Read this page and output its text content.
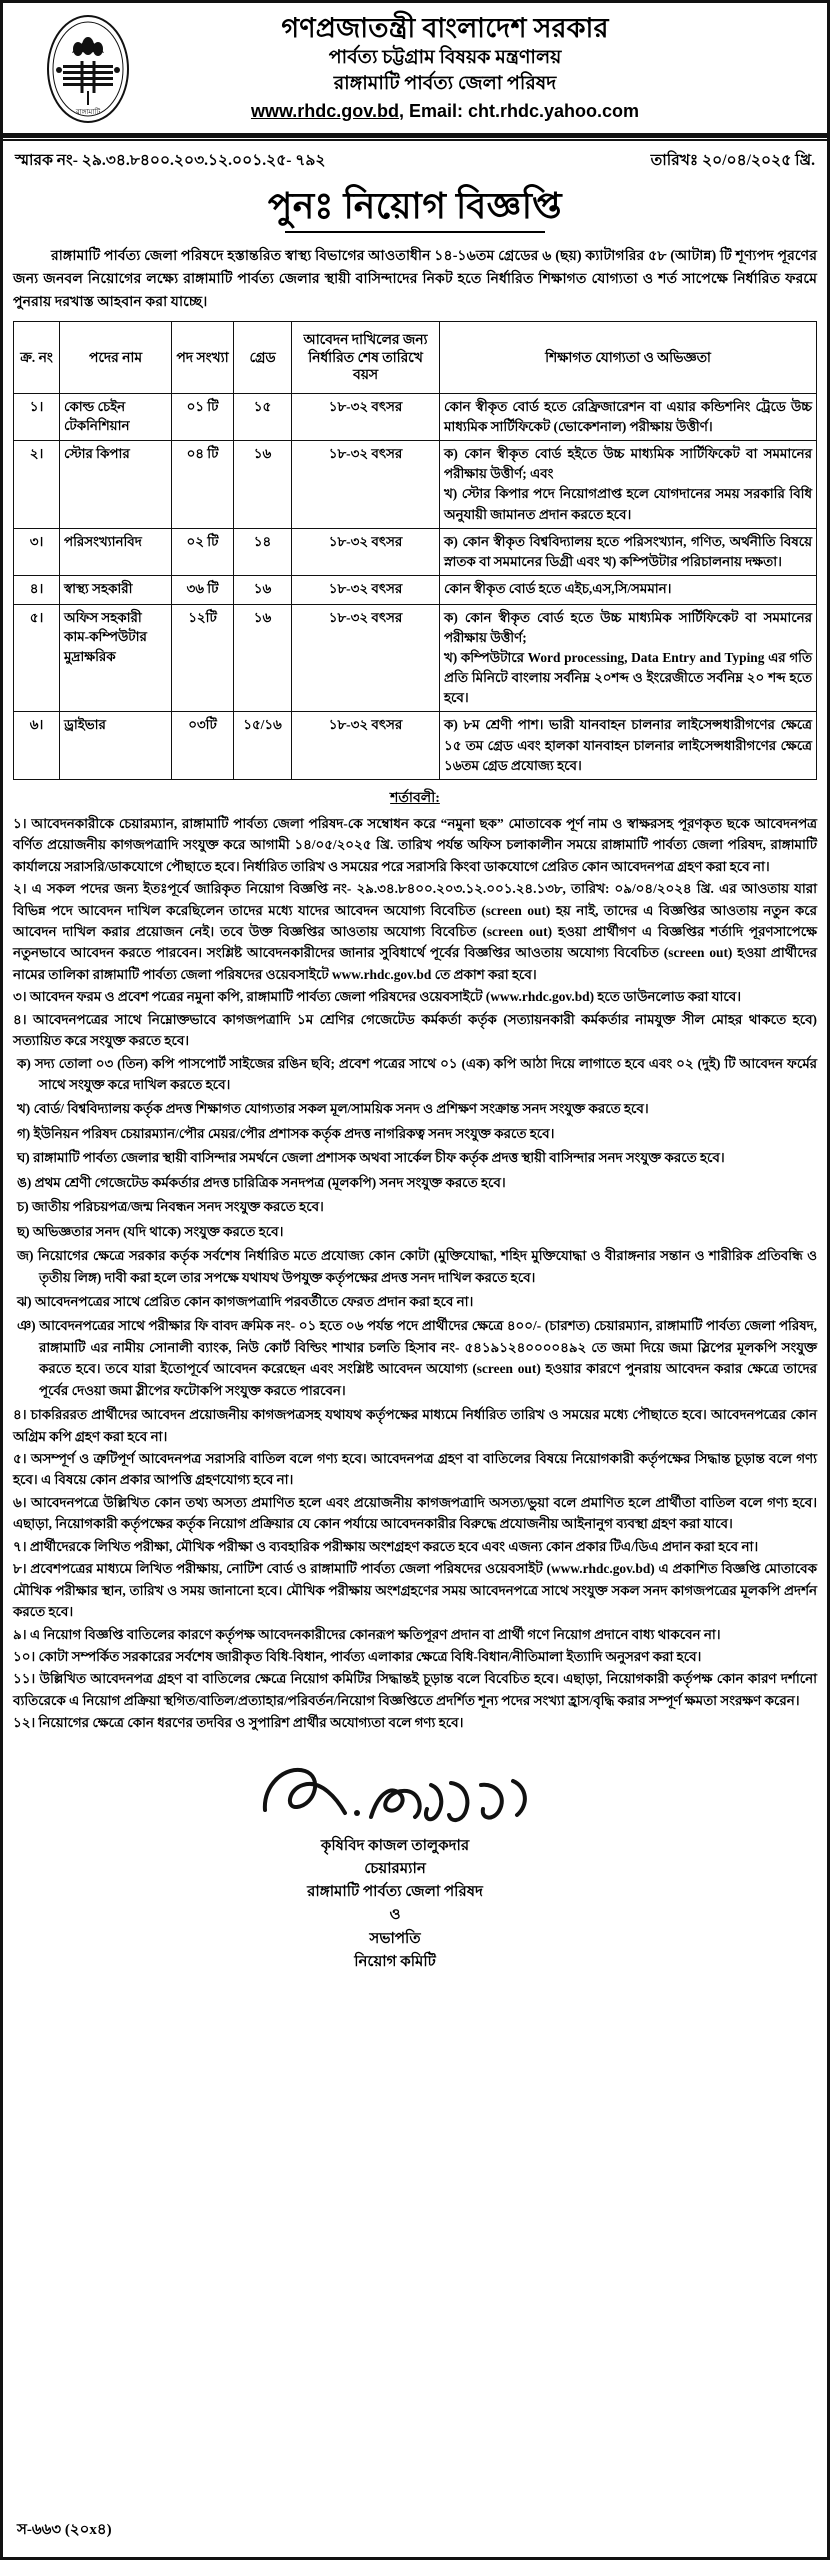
রাঙ্গামাটি
গণপ্রজাতন্ত্রী বাংলাদেশ সরকার
পার্বত্য চট্টগ্রাম বিষয়ক মন্ত্রণালয়
রাঙ্গামাটি পার্বত্য জেলা পরিষদ
www.rhdc.gov.bd, Email: cht.rhdc.yahoo.com
স্মারক নং- ২৯.৩৪.৮৪০০.২০৩.১২.০০১.২৫- ৭৯২	তারিখঃ ২০/০৪/২০২৫ খ্রি.
পুনঃ নিয়োগ বিজ্ঞপ্তি
রাঙ্গামাটি পার্বত্য জেলা পরিষদে হস্তান্তরিত স্বাস্থ্য বিভাগের আওতাধীন ১৪-১৬তম গ্রেডের ৬ (ছয়) ক্যাটাগরির ৫৮ (আটান্ন) টি শূণ্যপদ পূরণের জন্য জনবল নিয়োগের লক্ষ্যে রাঙ্গামাটি পার্বত্য জেলার স্থায়ী বাসিন্দাদের নিকট হতে নির্ধারিত শিক্ষাগত যোগ্যতা ও শর্ত সাপেক্ষে নির্ধারিত ফরমে পুনরায় দরখাস্ত আহবান করা যাচ্ছে।
ক্র. নং	পদের নাম	পদ সংখ্যা	গ্রেড	আবেদন দাখিলের জন্য নির্ধারিত শেষ তারিখে বয়স	শিক্ষাগত যোগ্যতা ও অভিজ্ঞতা
১।	কোল্ড চেইন টেকনিশিয়ান	০১ টি	১৫	১৮-৩২ বৎসর	কোন স্বীকৃত বোর্ড হতে রেফ্রিজারেশন বা এয়ার কন্ডিশনিং ট্রেডে উচ্চ মাধ্যমিক সার্টিফিকেট (ভোকেশনাল) পরীক্ষায় উত্তীর্ণ।
২।	স্টোর কিপার	০৪ টি	১৬	১৮-৩২ বৎসর	ক) কোন স্বীকৃত বোর্ড হইতে উচ্চ মাধ্যমিক সার্টিফিকেট বা সমমানের পরীক্ষায় উত্তীর্ণ; এবং
খ) স্টোর কিপার পদে নিয়োগপ্রাপ্ত হলে যোগদানের সময় সরকারি বিধি অনুযায়ী জামানত প্রদান করতে হবে।
৩।	পরিসংখ্যানবিদ	০২ টি	১৪	১৮-৩২ বৎসর	ক) কোন স্বীকৃত বিশ্ববিদ্যালয় হতে পরিসংখ্যান, গণিত, অর্থনীতি বিষয়ে স্নাতক বা সমমানের ডিগ্রী এবং খ) কম্পিউটার পরিচালনায় দক্ষতা।
৪।	স্বাস্থ্য সহকারী	৩৬ টি	১৬	১৮-৩২ বৎসর	কোন স্বীকৃত বোর্ড হতে এইচ,এস,সি/সমমান।
৫।	অফিস সহকারী কাম-কম্পিউটার মুদ্রাক্ষরিক	১২টি	১৬	১৮-৩২ বৎসর	ক) কোন স্বীকৃত বোর্ড হতে উচ্চ মাধ্যমিক সার্টিফিকেট বা সমমানের পরীক্ষায় উত্তীর্ণ;
খ) কম্পিউটারে Word processing, Data Entry and Typing এর গতি প্রতি মিনিটে বাংলায় সর্বনিম্ন ২০শব্দ ও ইংরেজীতে সর্বনিম্ন ২০ শব্দ হতে হবে।
৬।	ড্রাইভার	০৩টি	১৫/১৬	১৮-৩২ বৎসর	ক) ৮ম শ্রেণী পাশ। ভারী যানবাহন চালনার লাইসেন্সধারীগণের ক্ষেত্রে ১৫ তম গ্রেড এবং হালকা যানবাহন চালনার লাইসেন্সধারীগণের ক্ষেত্রে ১৬তম গ্রেড প্রযোজ্য হবে।
শর্তাবলী:
১। আবেদনকারীকে চেয়ারম্যান, রাঙ্গামাটি পার্বত্য জেলা পরিষদ-কে সম্বোধন করে “নমুনা ছক” মোতাবেক পূর্ণ নাম ও স্বাক্ষরসহ পূরণকৃত ছকে আবেদনপত্র বর্ণিত প্রয়োজনীয় কাগজপত্রাদি সংযুক্ত করে আগামী ১৪/০৫/২০২৫ খ্রি. তারিখ পর্যন্ত অফিস চলাকালীন সময়ে রাঙ্গামাটি পার্বত্য জেলা পরিষদ, রাঙ্গামাটি কার্যালয়ে সরাসরি/ডাকযোগে পৌছাতে হবে। নির্ধারিত তারিখ ও সময়ের পরে সরাসরি কিংবা ডাকযোগে প্রেরিত কোন আবেদনপত্র গ্রহণ করা হবে না।
২। এ সকল পদের জন্য ইতঃপূর্বে জারিকৃত নিয়োগ বিজ্ঞপ্তি নং- ২৯.৩৪.৮৪০০.২০৩.১২.০০১.২৪.১৩৮, তারিখ: ০৯/০৪/২০২৪ খ্রি. এর আওতায় যারা বিভিন্ন পদে আবেদন দাখিল করেছিলেন তাদের মধ্যে যাদের আবেদন অযোগ্য বিবেচিত (screen out) হয় নাই, তাদের এ বিজ্ঞপ্তির আওতায় নতুন করে আবেদন দাখিল করার প্রয়োজন নেই। তবে উক্ত বিজ্ঞপ্তির আওতায় অযোগ্য বিবেচিত (screen out) হওয়া প্রার্থীগণ এ বিজ্ঞপ্তির শর্তাদি পূরণসাপেক্ষে নতুনভাবে আবেদন করতে পারবেন। সংশ্লিষ্ট আবেদনকারীদের জানার সুবিধার্থে পূর্বের বিজ্ঞপ্তির আওতায় অযোগ্য বিবেচিত (screen out) হওয়া প্রার্থীদের নামের তালিকা রাঙ্গামাটি পার্বত্য জেলা পরিষদের ওয়েবসাইটে www.rhdc.gov.bd তে প্রকাশ করা হবে।
৩। আবেদন ফরম ও প্রবেশ পত্রের নমুনা কপি, রাঙ্গামাটি পার্বত্য জেলা পরিষদের ওয়েবসাইটে (www.rhdc.gov.bd) হতে ডাউনলোড করা যাবে।
৪। আবেদনপত্রের সাথে নিম্নোক্তভাবে কাগজপত্রাদি ১ম শ্রেণির গেজেটেড কর্মকর্তা কর্তৃক (সত্যায়নকারী কর্মকর্তার নামযুক্ত সীল মোহর থাকতে হবে) সত্যায়িত করে সংযুক্ত করতে হবে।
ক) সদ্য তোলা ০৩ (তিন) কপি পাসপোর্ট সাইজের রঙিন ছবি; প্রবেশ পত্রের সাথে ০১ (এক) কপি আঠা দিয়ে লাগাতে হবে এবং ০২ (দুই) টি আবেদন ফর্মের সাথে সংযুক্ত করে দাখিল করতে হবে।
খ) বোর্ড/ বিশ্ববিদ্যালয় কর্তৃক প্রদত্ত শিক্ষাগত যোগ্যতার সকল মূল/সাময়িক সনদ ও প্রশিক্ষণ সংক্রান্ত সনদ সংযুক্ত করতে হবে।
গ) ইউনিয়ন পরিষদ চেয়ারম্যান/পৌর মেয়র/পৌর প্রশাসক কর্তৃক প্রদত্ত নাগরিকত্ব সনদ সংযুক্ত করতে হবে।
ঘ) রাঙ্গামাটি পার্বত্য জেলার স্থায়ী বাসিন্দার সমর্থনে জেলা প্রশাসক অথবা সার্কেল চীফ কর্তৃক প্রদত্ত স্থায়ী বাসিন্দার সনদ সংযুক্ত করতে হবে।
ঙ) প্রথম শ্রেণী গেজেটেড কর্মকর্তার প্রদত্ত চারিত্রিক সনদপত্র (মূলকপি) সনদ সংযুক্ত করতে হবে।
চ) জাতীয় পরিচয়পত্র/জন্ম নিবন্ধন সনদ সংযুক্ত করতে হবে।
ছ) অভিজ্ঞতার সনদ (যদি থাকে) সংযুক্ত করতে হবে।
জ) নিয়োগের ক্ষেত্রে সরকার কর্তৃক সর্বশেষ নির্ধারিত মতে প্রযোজ্য কোন কোটা (মুক্তিযোদ্ধা, শহিদ মুক্তিযোদ্ধা ও বীরাঙ্গনার সন্তান ও শারীরিক প্রতিবন্ধি ও তৃতীয় লিঙ্গ) দাবী করা হলে তার সপক্ষে যথাযথ উপযুক্ত কর্তৃপক্ষের প্রদত্ত সনদ দাখিল করতে হবে।
ঝ) আবেদনপত্রের সাথে প্রেরিত কোন কাগজপত্রাদি পরবর্তীতে ফেরত প্রদান করা হবে না।
ঞ) আবেদনপত্রের সাথে পরীক্ষার ফি বাবদ ক্রমিক নং- ০১ হতে ০৬ পর্যন্ত পদে প্রার্থীদের ক্ষেত্রে ৪০০/- (চারশত) চেয়ারম্যান, রাঙ্গামাটি পার্বত্য জেলা পরিষদ, রাঙ্গামাটি এর নামীয় সোনালী ব্যাংক, নিউ কোর্ট বিল্ডিং শাখার চলতি হিসাব নং- ৫৪১৯১২৪০০০০৪৯২ তে জমা দিয়ে জমা স্লিপের মূলকপি সংযুক্ত করতে হবে। তবে যারা ইতোপূর্বে আবেদন করেছেন এবং সংশ্লিষ্ট আবেদন অযোগ্য (screen out) হওয়ার কারণে পুনরায় আবেদন করার ক্ষেত্রে তাদের পূর্বের দেওয়া জমা স্লীপের ফটোকপি সংযুক্ত করতে পারবেন।
৪। চাকরিররত প্রার্থীদের আবেদন প্রয়োজনীয় কাগজপত্রসহ যথাযথ কর্তৃপক্ষের মাধ্যমে নির্ধারিত তারিখ ও সময়ের মধ্যে পৌছাতে হবে। আবেদনপত্রের কোন অগ্রিম কপি গ্রহণ করা হবে না।
৫। অসম্পূর্ণ ও ত্রুটিপূর্ণ আবেদনপত্র সরাসরি বাতিল বলে গণ্য হবে। আবেদনপত্র গ্রহণ বা বাতিলের বিষয়ে নিয়োগকারী কর্তৃপক্ষের সিদ্ধান্ত চূড়ান্ত বলে গণ্য হবে। এ বিষয়ে কোন প্রকার আপত্তি গ্রহণযোগ্য হবে না।
৬। আবেদনপত্রে উল্লিখিত কোন তথ্য অসত্য প্রমাণিত হলে এবং প্রয়োজনীয় কাগজপত্রাদি অসত্য/ভুয়া বলে প্রমাণিত হলে প্রার্থীতা বাতিল বলে গণ্য হবে। এছাড়া, নিয়োগকারী কর্তৃপক্ষের কর্তৃক নিয়োগ প্রক্রিয়ার যে কোন পর্যায়ে আবেদনকারীর বিরুদ্ধে প্রযোজনীয় আইনানুগ ব্যবস্থা গ্রহণ করা যাবে।
৭। প্রার্থীদেরকে লিখিত পরীক্ষা, মৌখিক পরীক্ষা ও ব্যবহারিক পরীক্ষায় অংশগ্রহণ করতে হবে এবং এজন্য কোন প্রকার টিএ/ডিএ প্রদান করা হবে না।
৮। প্রবেশপত্রের মাধ্যমে লিখিত পরীক্ষায়, নোটিশ বোর্ড ও রাঙ্গামাটি পার্বত্য জেলা পরিষদের ওয়েবসাইট (www.rhdc.gov.bd) এ প্রকাশিত বিজ্ঞপ্তি মোতাবেক মৌখিক পরীক্ষার স্থান, তারিখ ও সময় জানানো হবে। মৌখিক পরীক্ষায় অংশগ্রহণের সময় আবেদনপত্রে সাথে সংযুক্ত সকল সনদ কাগজপত্রের মূলকপি প্রদর্শন করতে হবে।
৯। এ নিয়োগ বিজ্ঞপ্তি বাতিলের কারণে কর্তৃপক্ষ আবেদনকারীদের কোনরূপ ক্ষতিপূরণ প্রদান বা প্রার্থী গণে নিয়োগ প্রদানে বাধ্য থাকবেন না।
১০। কোটা সম্পর্কিত সরকারের সর্বশেষ জারীকৃত বিধি-বিধান, পার্বত্য এলাকার ক্ষেত্রে বিধি-বিধান/নীতিমালা ইত্যাদি অনুসরণ করা হবে।
১১। উল্লিখিত আবেদনপত্র গ্রহণ বা বাতিলের ক্ষেত্রে নিয়োগ কমিটির সিদ্ধান্তই চূড়ান্ত বলে বিবেচিত হবে। এছাড়া, নিয়োগকারী কর্তৃপক্ষ কোন কারণ দর্শানো ব্যতিরেকে এ নিয়োগ প্রক্রিয়া স্থগিত/বাতিল/প্রত্যাহার/পরিবর্তন/নিয়োগ বিজ্ঞপ্তিতে প্রদর্শিত শূন্য পদের সংখ্যা হ্রাস/বৃদ্ধি করার সম্পূর্ণ ক্ষমতা সংরক্ষণ করেন।
১২। নিয়োগের ক্ষেত্রে কোন ধরণের তদবির ও সুপারিশ প্রার্থীর অযোগ্যতা বলে গণ্য হবে।
কৃষিবিদ কাজল তালুকদার
চেয়ারম্যান
রাঙ্গামাটি পার্বত্য জেলা পরিষদ
ও
সভাপতি
নিয়োগ কমিটি
স-৬৬৩ (২০x৪)
